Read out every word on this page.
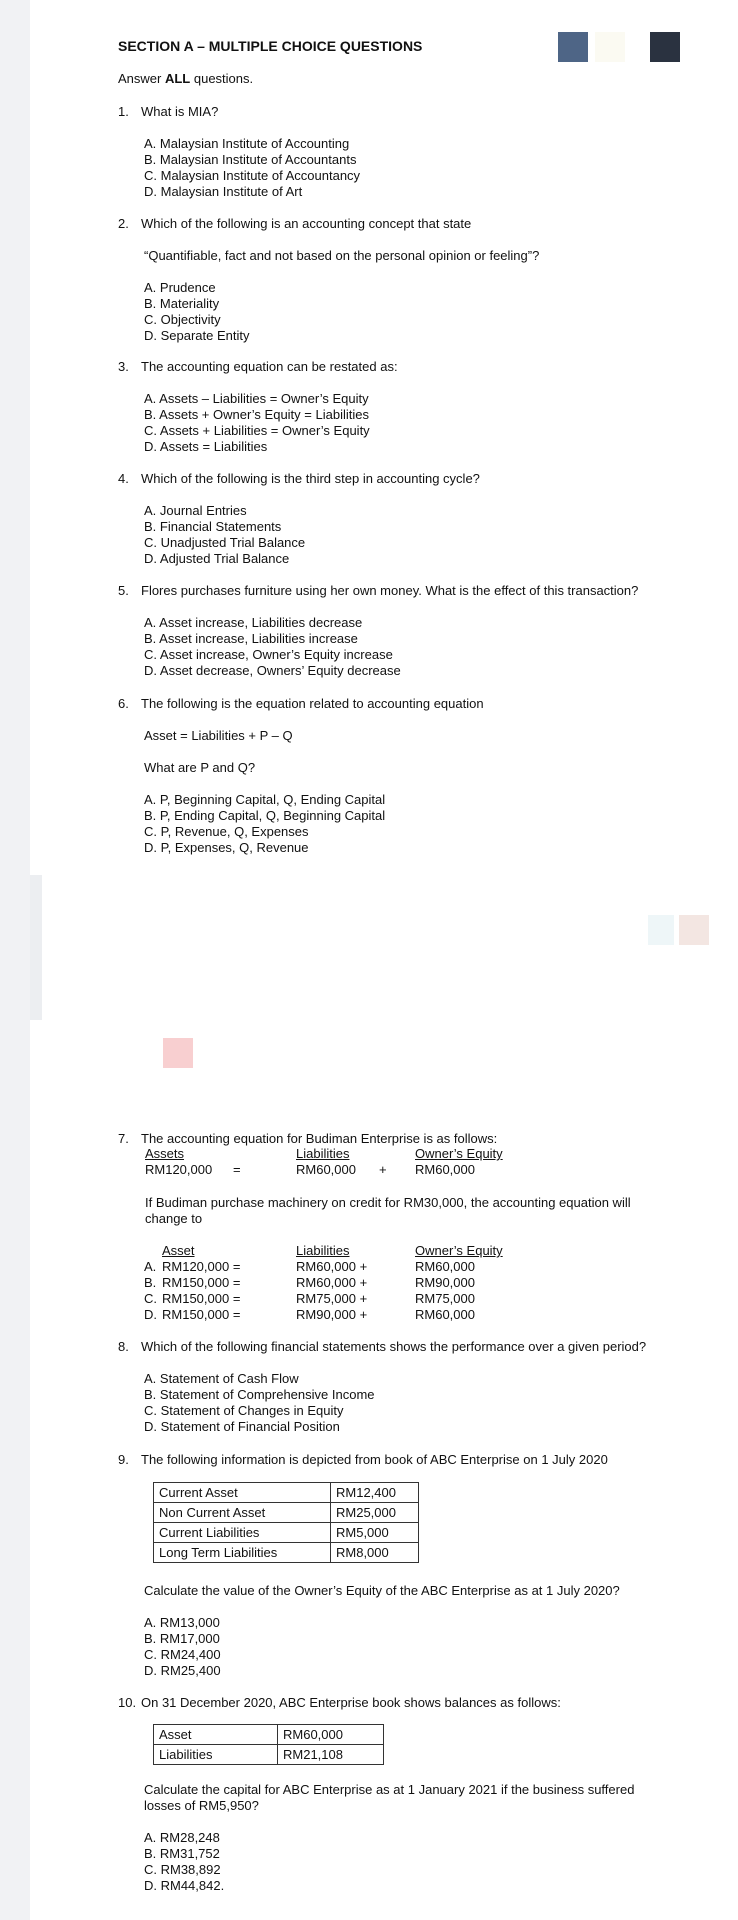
SECTION A – MULTIPLE CHOICE QUESTIONS
Answer ALL questions.
1. What is MIA?
A. Malaysian Institute of Accounting
B. Malaysian Institute of Accountants
C. Malaysian Institute of Accountancy
D. Malaysian Institute of Art
2. Which of the following is an accounting concept that state
“Quantifiable, fact and not based on the personal opinion or feeling”?
A. Prudence
B. Materiality
C. Objectivity
D. Separate Entity
3. The accounting equation can be restated as:
A. Assets – Liabilities = Owner’s Equity
B. Assets + Owner’s Equity = Liabilities
C. Assets + Liabilities = Owner’s Equity
D. Assets = Liabilities
4. Which of the following is the third step in accounting cycle?
A. Journal Entries
B. Financial Statements
C. Unadjusted Trial Balance
D. Adjusted Trial Balance
5. Flores purchases furniture using her own money. What is the effect of this transaction?
A. Asset increase, Liabilities decrease
B. Asset increase, Liabilities increase
C. Asset increase, Owner’s Equity increase
D. Asset decrease, Owners’ Equity decrease
6. The following is the equation related to accounting equation
Asset = Liabilities + P – Q
What are P and Q?
A. P, Beginning Capital, Q, Ending Capital
B. P, Ending Capital, Q, Beginning Capital
C. P, Revenue, Q, Expenses
D. P, Expenses, Q, Revenue
7. The accounting equation for Budiman Enterprise is as follows:
Assets	Liabilities	Owner’s Equity
RM120,000 =	RM60,000 + RM60,000
If Budiman purchase machinery on credit for RM30,000, the accounting equation will
change to
Asset	Liabilities	Owner’s Equity
A. RM120,000 =	RM60,000 +	RM60,000
B. RM150,000 =	RM60,000 +	RM90,000
C. RM150,000 =	RM75,000 +	RM75,000
D. RM150,000 =	RM90,000 +	RM60,000
8. Which of the following financial statements shows the performance over a given period?
A. Statement of Cash Flow
B. Statement of Comprehensive Income
C. Statement of Changes in Equity
D. Statement of Financial Position
9. The following information is depicted from book of ABC Enterprise on 1 July 2020
Current Asset	RM12,400
Non Current Asset	RM25,000
Current Liabilities	RM5,000
Long Term Liabilities	RM8,000
Calculate the value of the Owner’s Equity of the ABC Enterprise as at 1 July 2020?
A. RM13,000
B. RM17,000
C. RM24,400
D. RM25,400
10. On 31 December 2020, ABC Enterprise book shows balances as follows:
Asset	RM60,000
Liabilities	RM21,108
Calculate the capital for ABC Enterprise as at 1 January 2021 if the business suffered
losses of RM5,950?
A. RM28,248
B. RM31,752
C. RM38,892
D. RM44,842.
